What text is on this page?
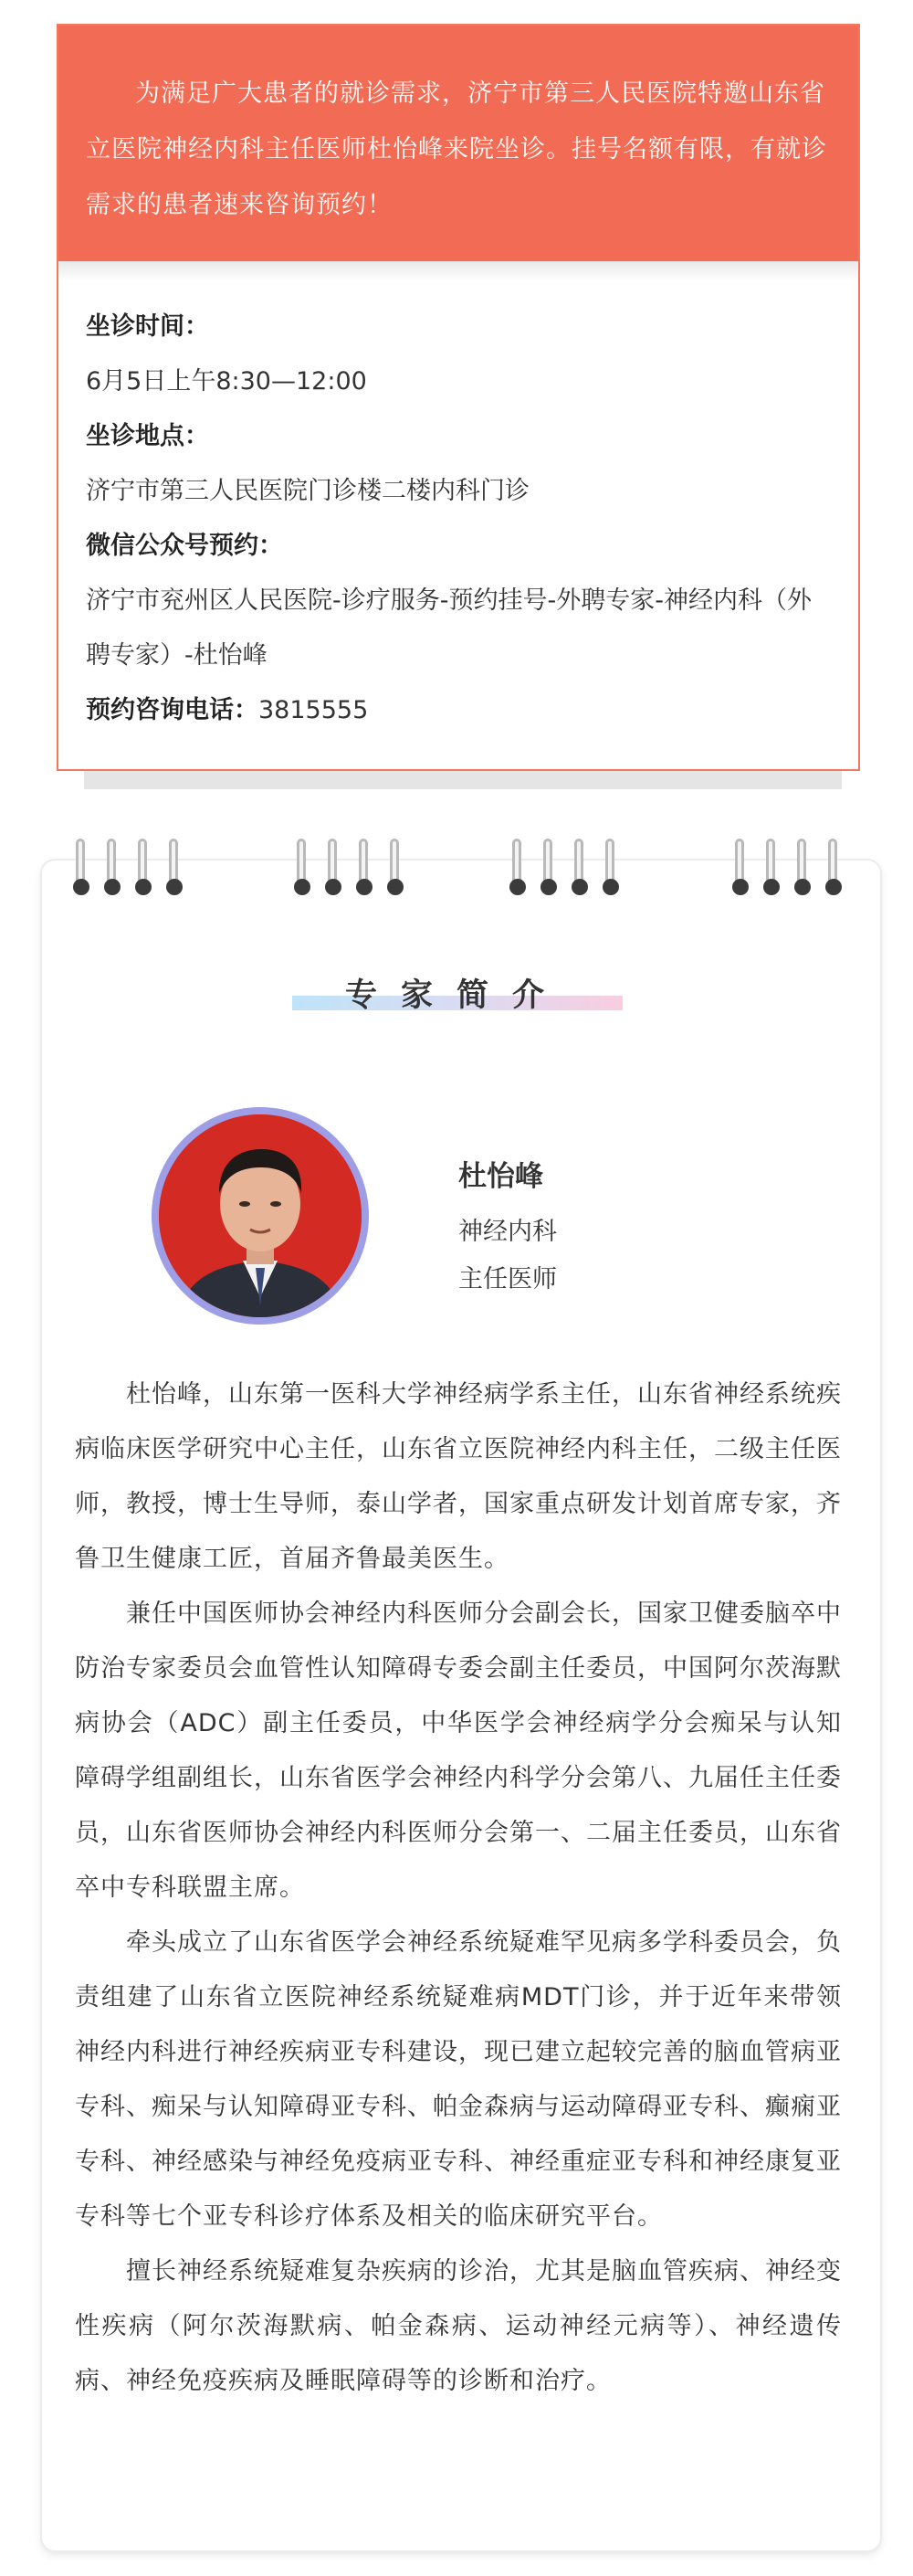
为满足广大患者的就诊需求，济宁市第三人民医院特邀山东省立医院神经内科主任医师杜怡峰来院坐诊。挂号名额有限，有就诊需求的患者速来咨询预约！
坐诊时间：
6月5日上午8:30—12:00
坐诊地点：
济宁市第三人民医院门诊楼二楼内科门诊
微信公众号预约：
济宁市兖州区人民医院-诊疗服务-预约挂号-外聘专家-神经内科（外聘专家）-杜怡峰
预约咨询电话：3815555
专家简介
杜怡峰
神经内科
主任医师

杜怡峰，山东第一医科大学神经病学系主任，山东省神经系统疾病临床医学研究中心主任，山东省立医院神经内科主任，二级主任医师，教授，博士生导师，泰山学者，国家重点研发计划首席专家，齐鲁卫生健康工匠，首届齐鲁最美医生。

兼任中国医师协会神经内科医师分会副会长，国家卫健委脑卒中防治专家委员会血管性认知障碍专委会副主任委员，中国阿尔茨海默病协会（ADC）副主任委员，中华医学会神经病学分会痴呆与认知障碍学组副组长，山东省医学会神经内科学分会第八、九届任主任委员，山东省医师协会神经内科医师分会第一、二届主任委员，山东省卒中专科联盟主席。

牵头成立了山东省医学会神经系统疑难罕见病多学科委员会，负责组建了山东省立医院神经系统疑难病MDT门诊，并于近年来带领神经内科进行神经疾病亚专科建设，现已建立起较完善的脑血管病亚专科、痴呆与认知障碍亚专科、帕金森病与运动障碍亚专科、癫痫亚专科、神经感染与神经免疫病亚专科、神经重症亚专科和神经康复亚专科等七个亚专科诊疗体系及相关的临床研究平台。

擅长神经系统疑难复杂疾病的诊治，尤其是脑血管疾病、神经变性疾病（阿尔茨海默病、帕金森病、运动神经元病等）、神经遗传病、神经免疫疾病及睡眠障碍等的诊断和治疗。
